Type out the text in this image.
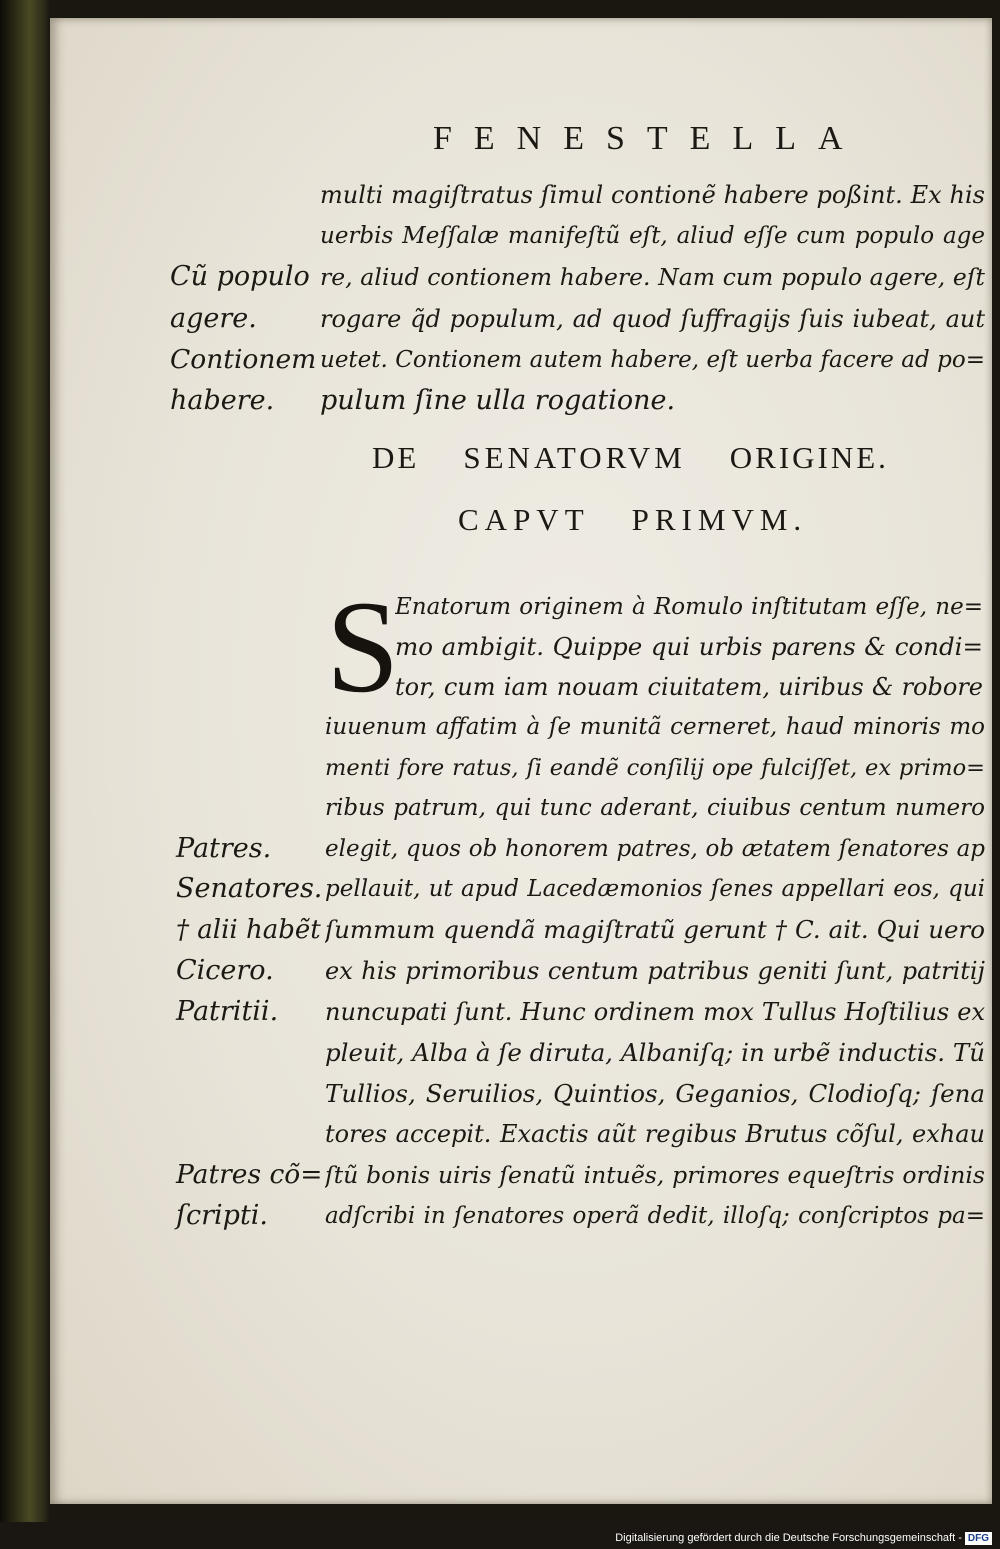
FENESTELLA
multi magiſtratus ſimul contionẽ habere poßint. Ex his
uerbis Meſſalæ manifeſtũ eſt, aliud eſſe cum populo age
re, aliud contionem habere. Nam cum populo agere, eſt
rogare q̃d populum, ad quod ſuffragijs ſuis iubeat, aut
uetet. Contionem autem habere, eſt uerba facere ad po=
pulum ſine ulla rogatione.
Cũ populo
agere.
Contionem
habere.
DE SENATORVM ORIGINE.
CAPVT PRIMVM.
S
Enatorum originem à Romulo inſtitutam eſſe, ne=
mo ambigit. Quippe qui urbis parens & condi=
tor, cum iam nouam ciuitatem, uiribus & robore
iuuenum affatim à ſe munitã cerneret, haud minoris mo
menti fore ratus, ſi eandẽ conſilij ope fulciſſet, ex primo=
ribus patrum, qui tunc aderant, ciuibus centum numero
elegit, quos ob honorem patres, ob ætatem ſenatores ap
pellauit, ut apud Lacedæmonios ſenes appellari eos, qui
ſummum quendã magiſtratũ gerunt † C. ait. Qui uero
ex his primoribus centum patribus geniti ſunt, patritij
nuncupati ſunt. Hunc ordinem mox Tullus Hoſtilius ex
pleuit, Alba à ſe diruta, Albaniſq; in urbẽ inductis. Tũ
Tullios, Seruilios, Quintios, Geganios, Clodioſq; ſena
tores accepit. Exactis aũt regibus Brutus cõſul, exhau
ſtũ bonis uiris ſenatũ intuẽs, primores equeſtris ordinis
adſcribi in ſenatores operã dedit, illoſq; conſcriptos pa=
Patres.
Senatores.
† alii habẽt
Cicero.
Patritii.
Patres cõ=
ſcripti.
Digitalisierung gefördert durch die Deutsche Forschungsgemeinschaft - DFG
